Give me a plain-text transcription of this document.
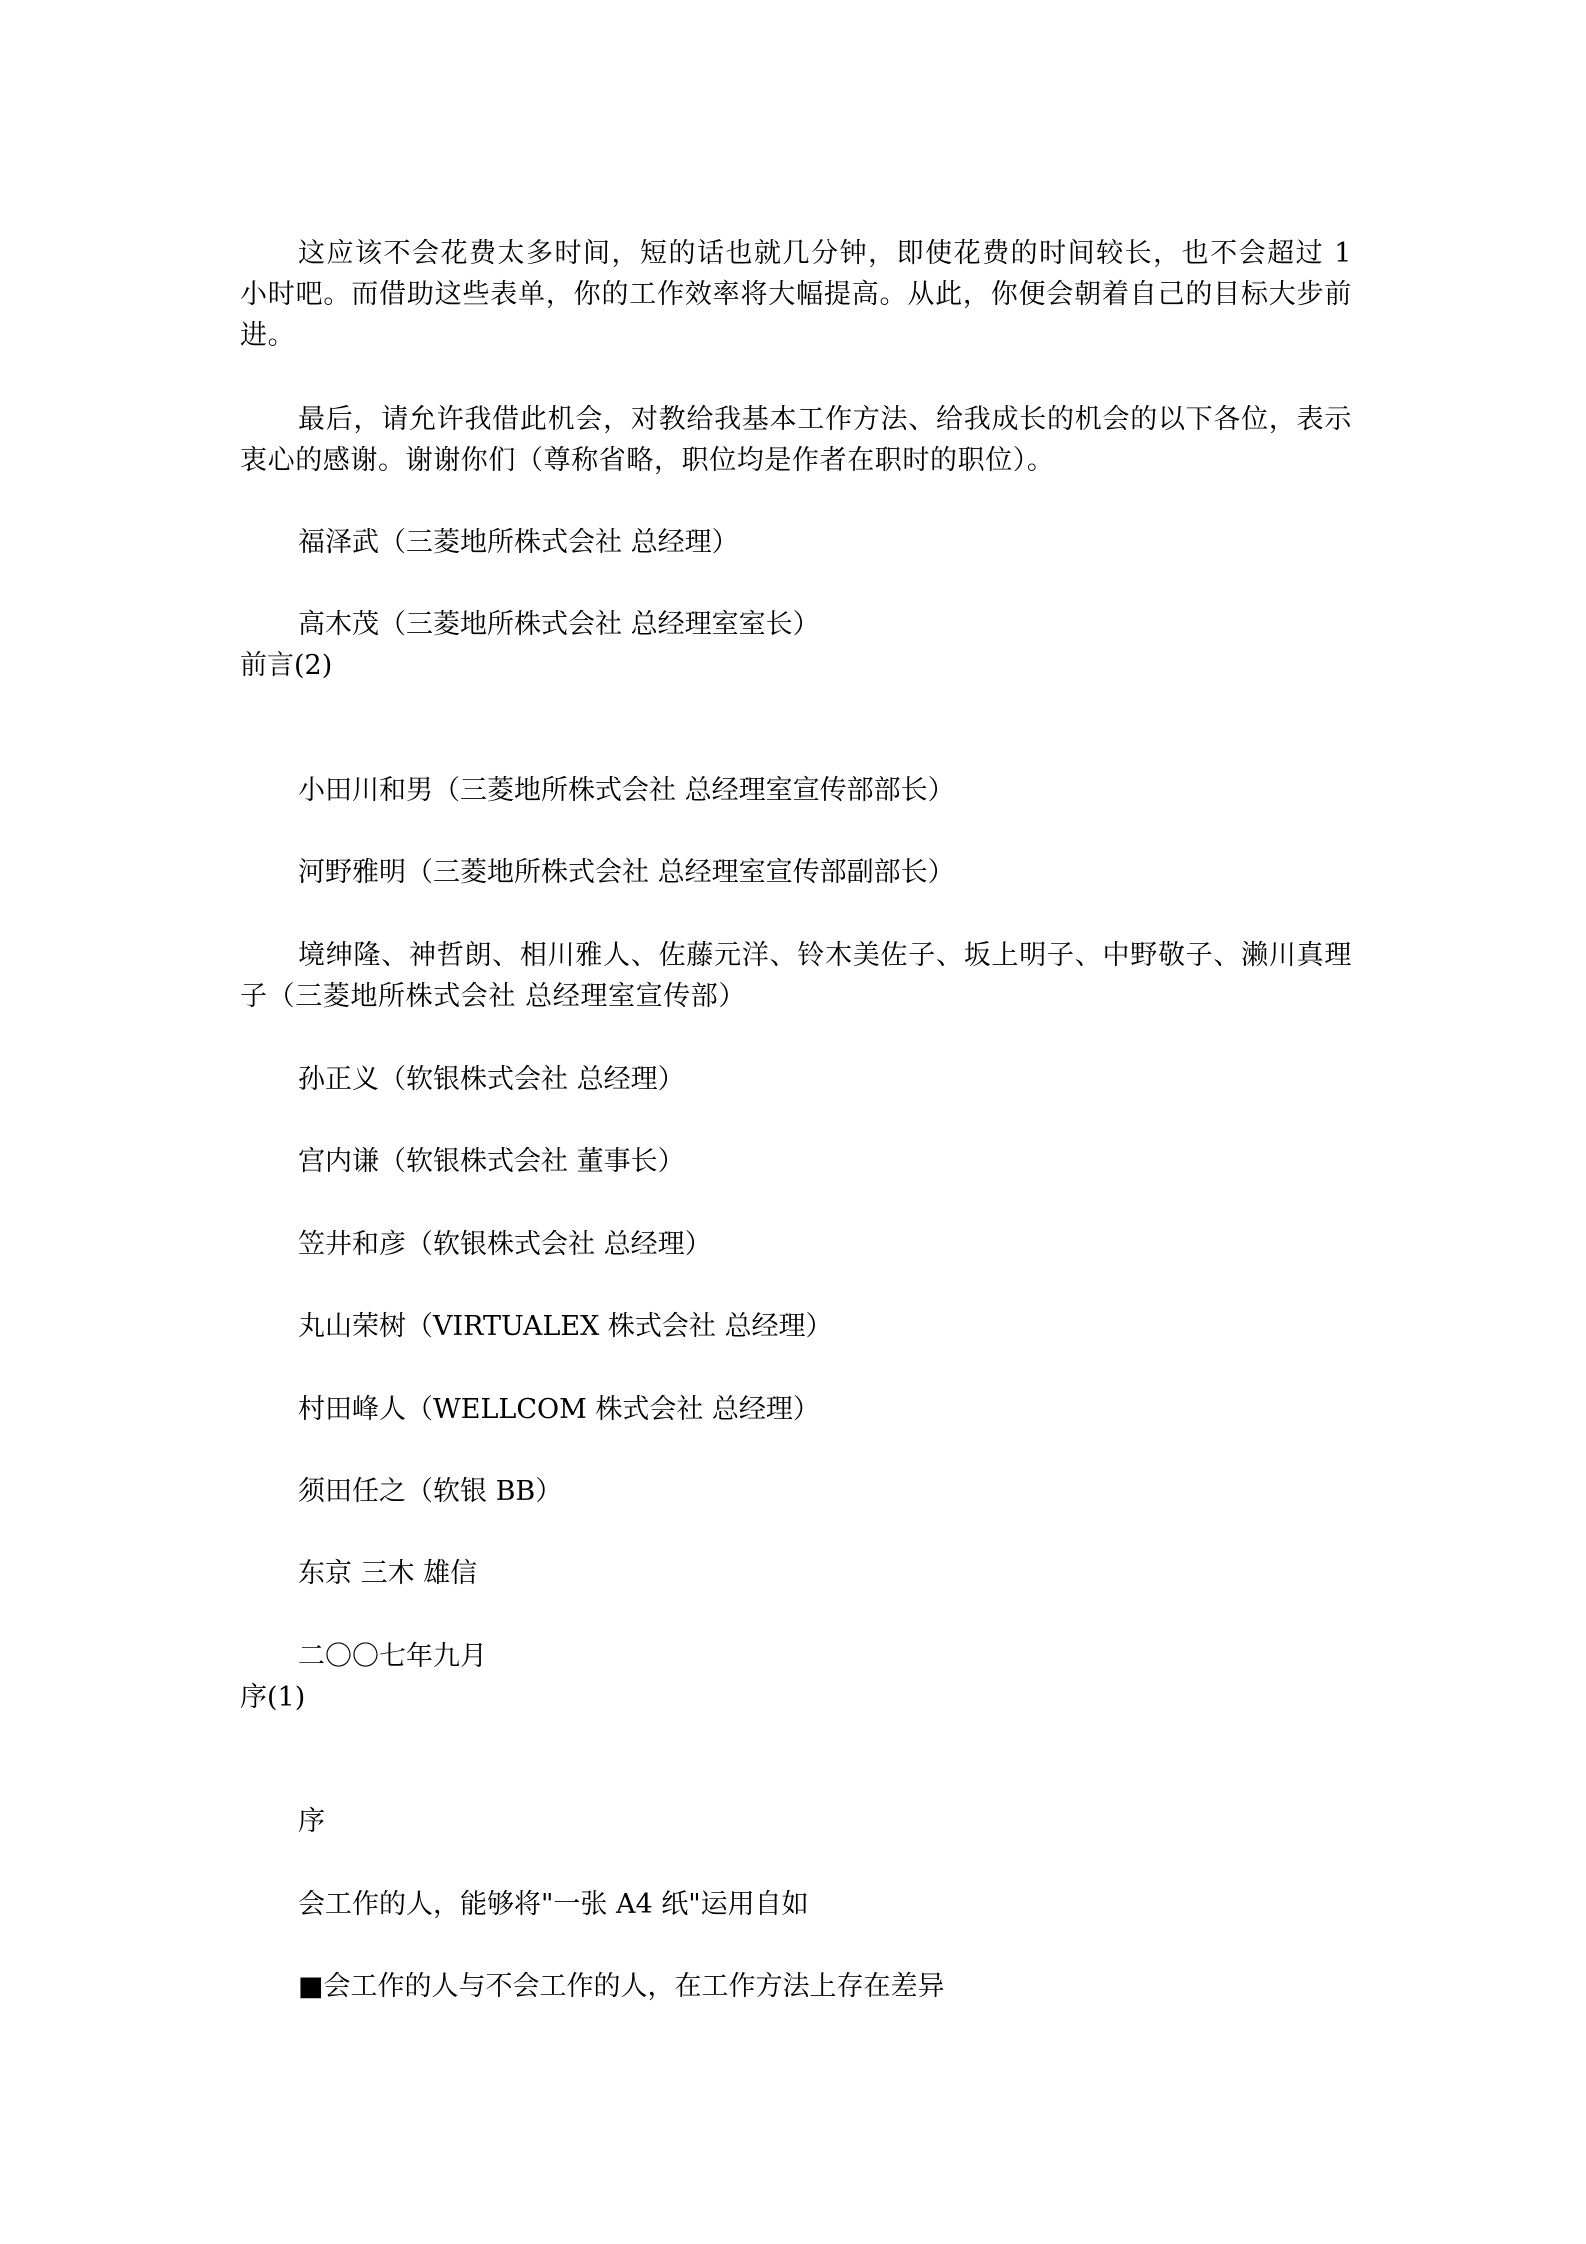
这应该不会花费太多时间，短的话也就几分钟，即使花费的时间较长，也不会超过 1 小时吧。而借助这些表单，你的工作效率将大幅提高。从此，你便会朝着自己的目标大步前进。
最后，请允许我借此机会，对教给我基本工作方法、给我成长的机会的以下各位，表示衷心的感谢。谢谢你们（尊称省略，职位均是作者在职时的职位）。
福泽武（三菱地所株式会社 总经理）
高木茂（三菱地所株式会社 总经理室室长）
前言(2)
小田川和男（三菱地所株式会社 总经理室宣传部部长）
河野雅明（三菱地所株式会社 总经理室宣传部副部长）
境绅隆、神哲朗、相川雅人、佐藤元洋、铃木美佐子、坂上明子、中野敬子、濑川真理子（三菱地所株式会社 总经理室宣传部）
孙正义（软银株式会社 总经理）
宫内谦（软银株式会社 董事长）
笠井和彦（软银株式会社 总经理）
丸山荣树（VIRTUALEX 株式会社 总经理）
村田峰人（WELLCOM 株式会社 总经理）
须田任之（软银 BB）
东京 三木 雄信
二〇〇七年九月
序(1)
序
会工作的人，能够将"一张 A4 纸"运用自如
■会工作的人与不会工作的人，在工作方法上存在差异
